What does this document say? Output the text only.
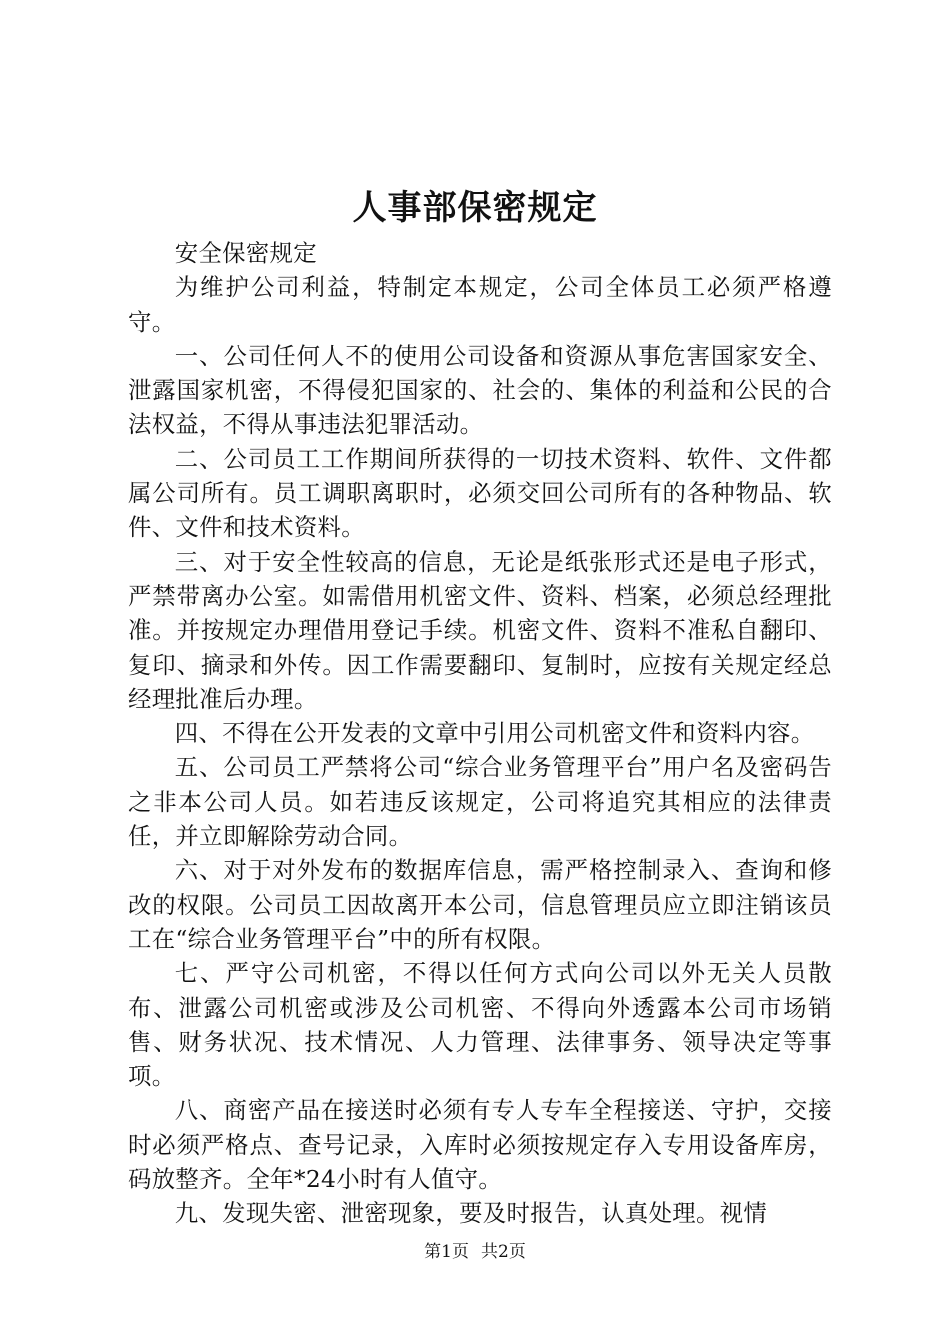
人事部保密规定

安全保密规定

为维护公司利益，特制定本规定，公司全体员工必须严格遵守。

一、公司任何人不的使用公司设备和资源从事危害国家安全、泄露国家机密，不得侵犯国家的、社会的、集体的利益和公民的合法权益，不得从事违法犯罪活动。

二、公司员工工作期间所获得的一切技术资料、软件、文件都属公司所有。员工调职离职时，必须交回公司所有的各种物品、软件、文件和技术资料。

三、对于安全性较高的信息，无论是纸张形式还是电子形式，严禁带离办公室。如需借用机密文件、资料、档案，必须总经理批准。并按规定办理借用登记手续。机密文件、资料不准私自翻印、复印、摘录和外传。因工作需要翻印、复制时，应按有关规定经总经理批准后办理。

四、不得在公开发表的文章中引用公司机密文件和资料内容。

五、公司员工严禁将公司“综合业务管理平台”用户名及密码告之非本公司人员。如若违反该规定，公司将追究其相应的法律责任，并立即解除劳动合同。

六、对于对外发布的数据库信息，需严格控制录入、查询和修改的权限。公司员工因故离开本公司，信息管理员应立即注销该员工在“综合业务管理平台”中的所有权限。

七、严守公司机密，不得以任何方式向公司以外无关人员散布、泄露公司机密或涉及公司机密、不得向外透露本公司市场销售、财务状况、技术情况、人力管理、法律事务、领导决定等事项。

八、商密产品在接送时必须有专人专车全程接送、守护，交接时必须严格点、查号记录，入库时必须按规定存入专用设备库房，码放整齐。全年*24小时有人值守。

九、发现失密、泄密现象，要及时报告，认真处理。视情

第1页 共2页
